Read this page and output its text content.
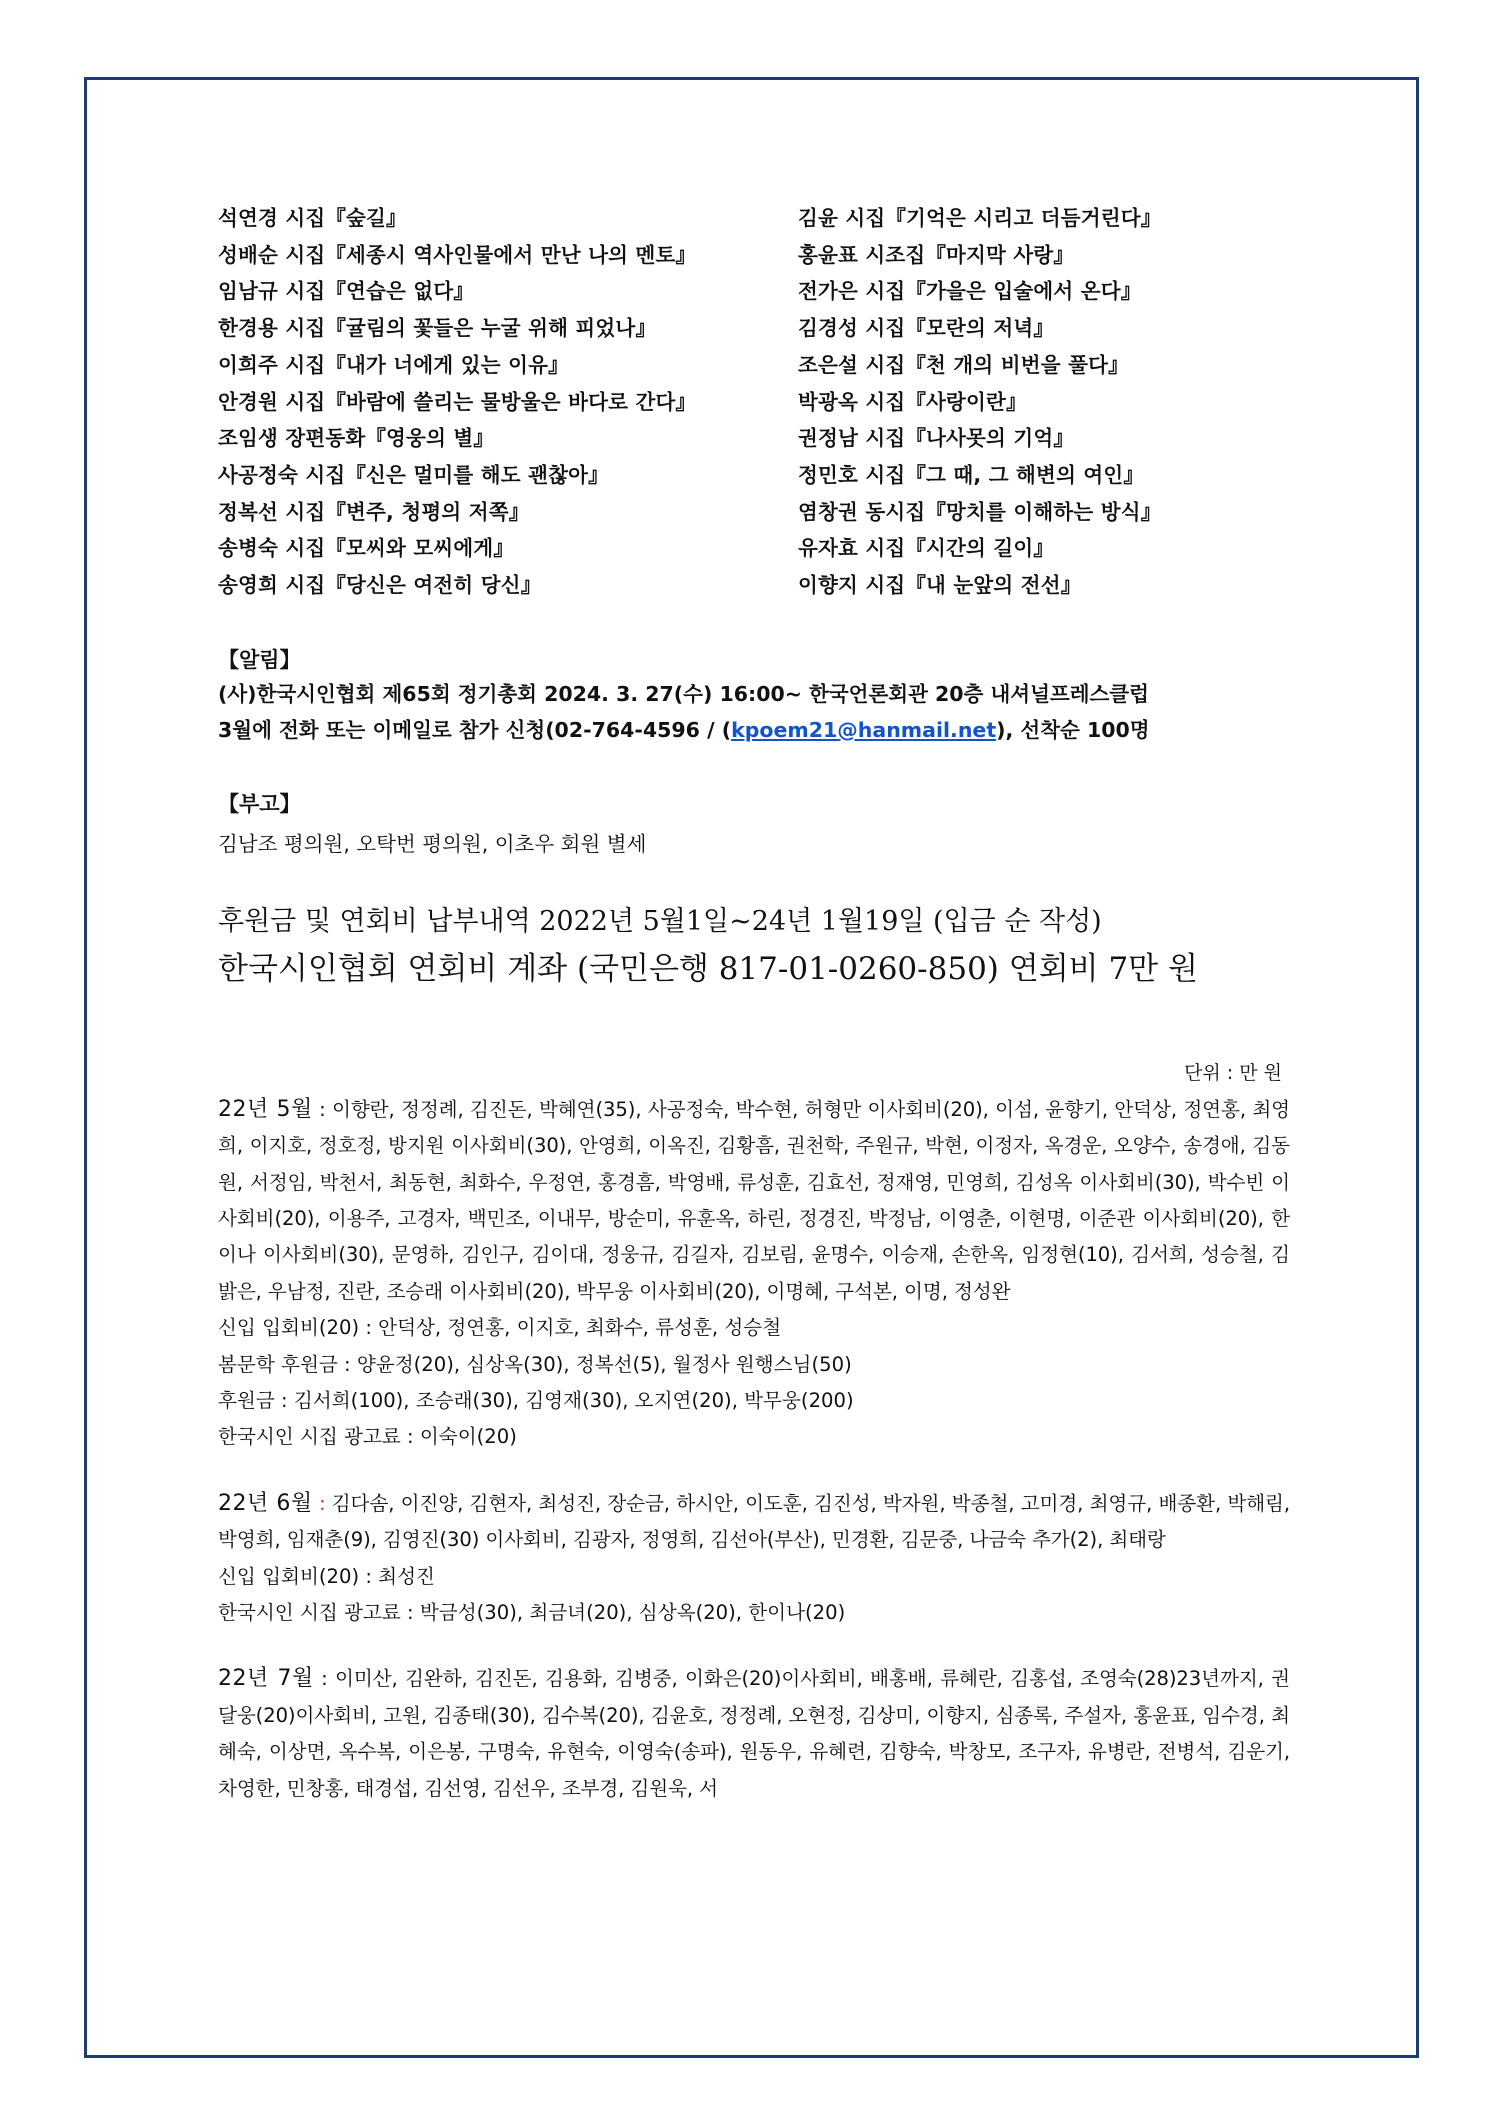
석연경 시집『숲길』	김윤 시집『기억은 시리고 더듬거린다』
성배순 시집『세종시 역사인물에서 만난 나의 멘토』	홍윤표 시조집『마지막 사랑』
임남규 시집『연습은 없다』	전가은 시집『가을은 입술에서 온다』
한경용 시집『귤림의 꽃들은 누굴 위해 피었나』	김경성 시집『모란의 저녁』
이희주 시집『내가 너에게 있는 이유』	조은설 시집『천 개의 비번을 풀다』
안경원 시집『바람에 쓸리는 물방울은 바다로 간다』	박광옥 시집『사랑이란』
조임생 장편동화『영웅의 별』	권정남 시집『나사못의 기억』
사공정숙 시집『신은 멀미를 해도 괜찮아』	정민호 시집『그 때, 그 해변의 여인』
정복선 시집『변주, 청평의 저쪽』	염창권 동시집『망치를 이해하는 방식』
송병숙 시집『모씨와 모씨에게』	유자효 시집『시간의 길이』
송영희 시집『당신은 여전히 당신』	이향지 시집『내 눈앞의 전선』
【알림】

(사)한국시인협회 제65회 정기총회 2024. 3. 27(수) 16:00~ 한국언론회관 20층 내셔널프레스클럽

3월에 전화 또는 이메일로 참가 신청(02-764-4596 / (kpoem21@hanmail.net), 선착순 100명

【부고】
김남조 평의원, 오탁번 평의원, 이초우 회원 별세
후원금 및 연회비 납부내역 2022년 5월1일~24년 1월19일 (입금 순 작성)
한국시인협회 연회비 계좌 (국민은행 817-01-0260-850) 연회비 7만 원
단위 : 만 원

22년 5월 : 이향란, 정정례, 김진돈, 박혜연(35), 사공정숙, 박수현, 허형만 이사회비(20), 이섬, 윤향기, 안덕상, 정연홍, 최영희, 이지호, 정호정, 방지원 이사회비(30), 안영희, 이옥진, 김황흠, 권천학, 주원규, 박현, 이정자, 옥경운, 오양수, 송경애, 김동원, 서정임, 박천서, 최동현, 최화수, 우정연, 홍경흠, 박영배, 류성훈, 김효선, 정재영, 민영희, 김성옥 이사회비(30), 박수빈 이사회비(20), 이용주, 고경자, 백민조, 이내무, 방순미, 유훈옥, 하린, 정경진, 박정남, 이영춘, 이현명, 이준관 이사회비(20), 한이나 이사회비(30), 문영하, 김인구, 김이대, 정웅규, 김길자, 김보림, 윤명수, 이승재, 손한옥, 임정현(10), 김서희, 성승철, 김밝은, 우남정, 진란, 조승래 이사회비(20), 박무웅 이사회비(20), 이명혜, 구석본, 이명, 정성완

신입 입회비(20) : 안덕상, 정연홍, 이지호, 최화수, 류성훈, 성승철

봄문학 후원금 : 양윤정(20), 심상옥(30), 정복선(5), 월정사 원행스님(50)

후원금 : 김서희(100), 조승래(30), 김영재(30), 오지연(20), 박무웅(200)

한국시인 시집 광고료 : 이숙이(20)

22년 6월 : 김다솜, 이진양, 김현자, 최성진, 장순금, 하시안, 이도훈, 김진성, 박자원, 박종철, 고미경, 최영규, 배종환, 박해림, 박영희, 임재춘(9), 김영진(30) 이사회비, 김광자, 정영희, 김선아(부산), 민경환, 김문중, 나금숙 추가(2), 최태랑

신입 입회비(20) : 최성진

한국시인 시집 광고료 : 박금성(30), 최금녀(20), 심상옥(20), 한이나(20)

22년 7월 : 이미산, 김완하, 김진돈, 김용화, 김병중, 이화은(20)이사회비, 배홍배, 류혜란, 김홍섭, 조영숙(28)23년까지, 권달웅(20)이사회비, 고원, 김종태(30), 김수복(20), 김윤호, 정정례, 오현정, 김상미, 이향지, 심종록, 주설자, 홍윤표, 임수경, 최혜숙, 이상면, 옥수복, 이은봉, 구명숙, 유현숙, 이영숙(송파), 원동우, 유혜련, 김향숙, 박창모, 조구자, 유병란, 전병석, 김운기, 차영한, 민창홍, 태경섭, 김선영, 김선우, 조부경, 김원욱, 서
